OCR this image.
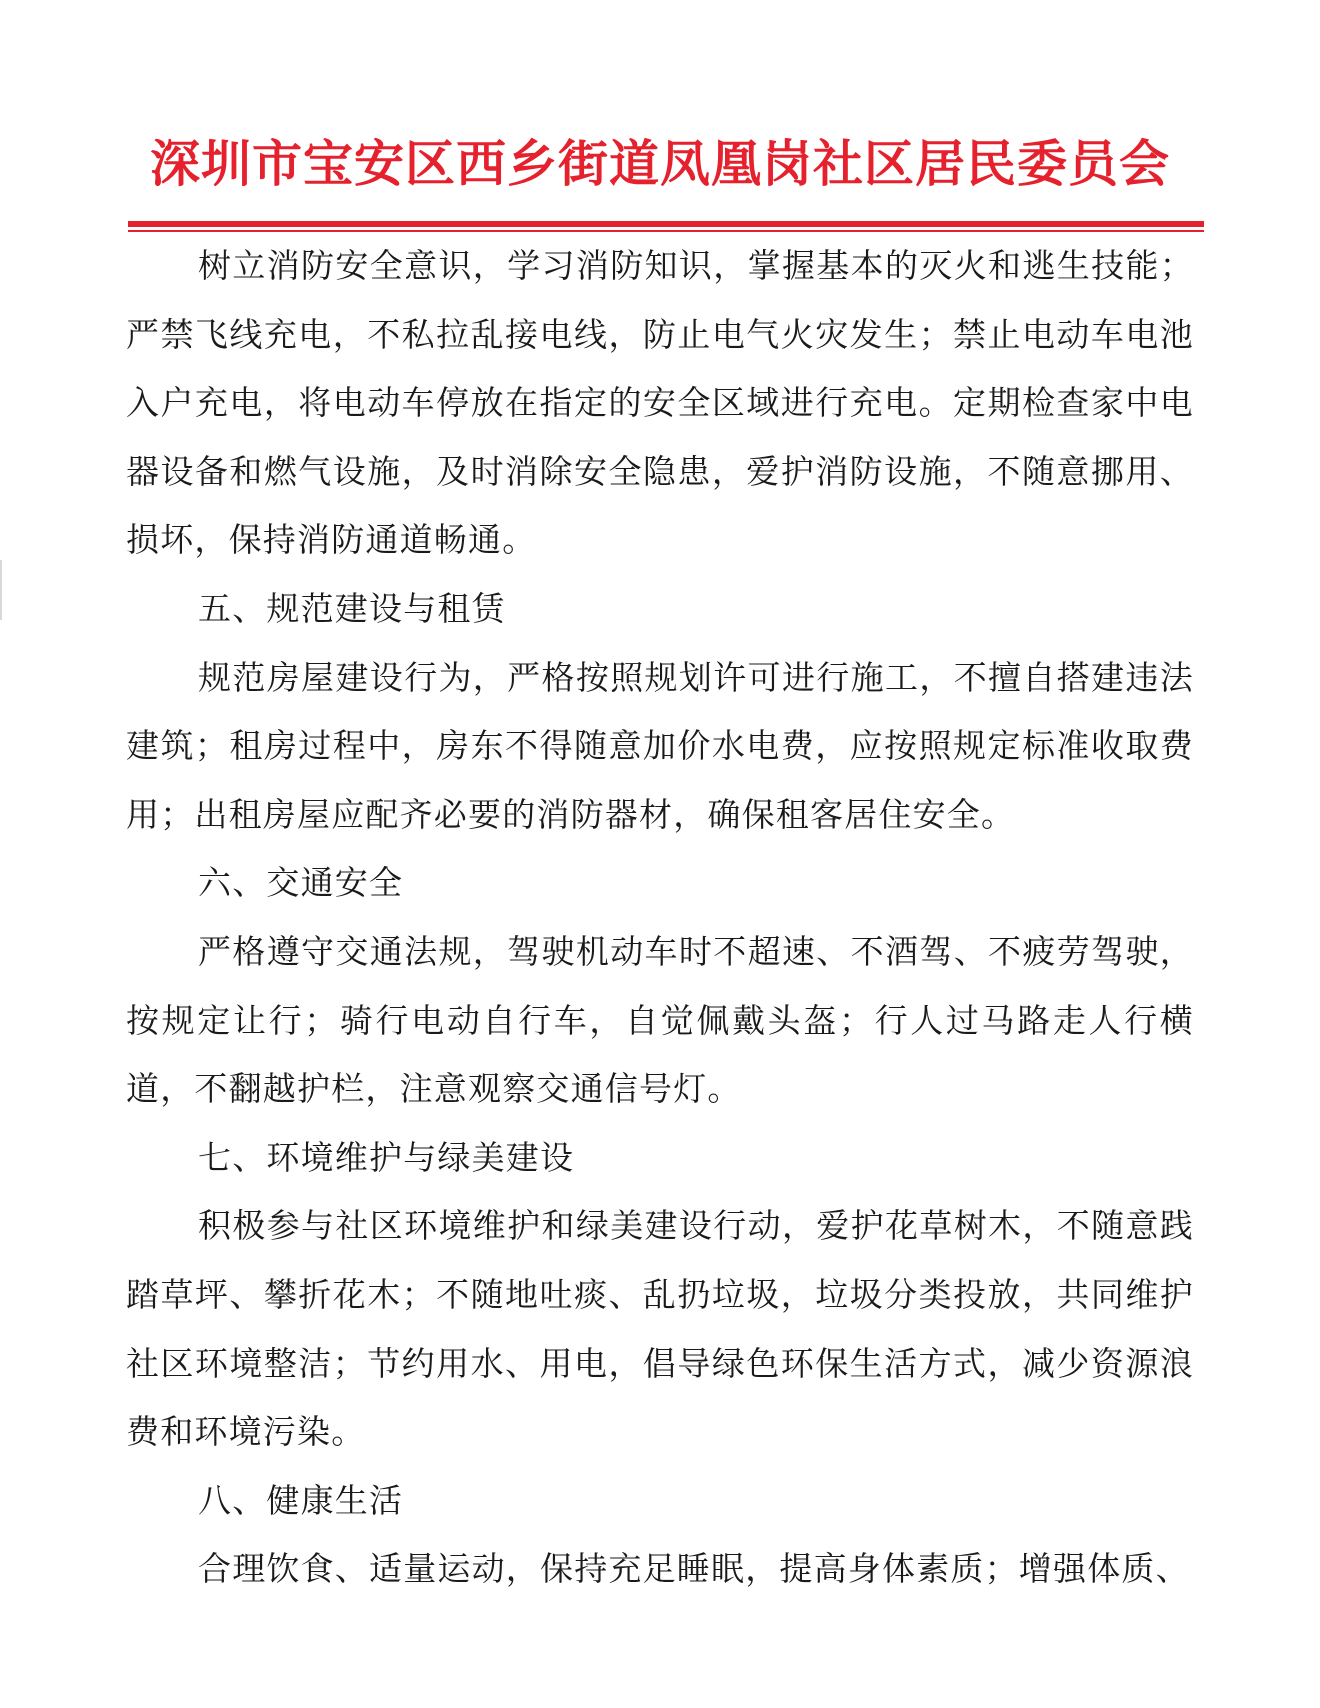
深圳市宝安区西乡街道凤凰岗社区居民委员会

树立消防安全意识，学习消防知识，掌握基本的灭火和逃生技能；严禁飞线充电，不私拉乱接电线，防止电气火灾发生；禁止电动车电池入户充电，将电动车停放在指定的安全区域进行充电。定期检查家中电器设备和燃气设施，及时消除安全隐患，爱护消防设施，不随意挪用、损坏，保持消防通道畅通。

五、规范建设与租赁

规范房屋建设行为，严格按照规划许可进行施工，不擅自搭建违法建筑；租房过程中，房东不得随意加价水电费，应按照规定标准收取费用；出租房屋应配齐必要的消防器材，确保租客居住安全。

六、交通安全

严格遵守交通法规，驾驶机动车时不超速、不酒驾、不疲劳驾驶，按规定让行；骑行电动自行车，自觉佩戴头盔；行人过马路走人行横道，不翻越护栏，注意观察交通信号灯。

七、环境维护与绿美建设

积极参与社区环境维护和绿美建设行动，爱护花草树木，不随意践踏草坪、攀折花木；不随地吐痰、乱扔垃圾，垃圾分类投放，共同维护社区环境整洁；节约用水、用电，倡导绿色环保生活方式，减少资源浪费和环境污染。

八、健康生活

合理饮食、适量运动，保持充足睡眠，提高身体素质；增强体质、
